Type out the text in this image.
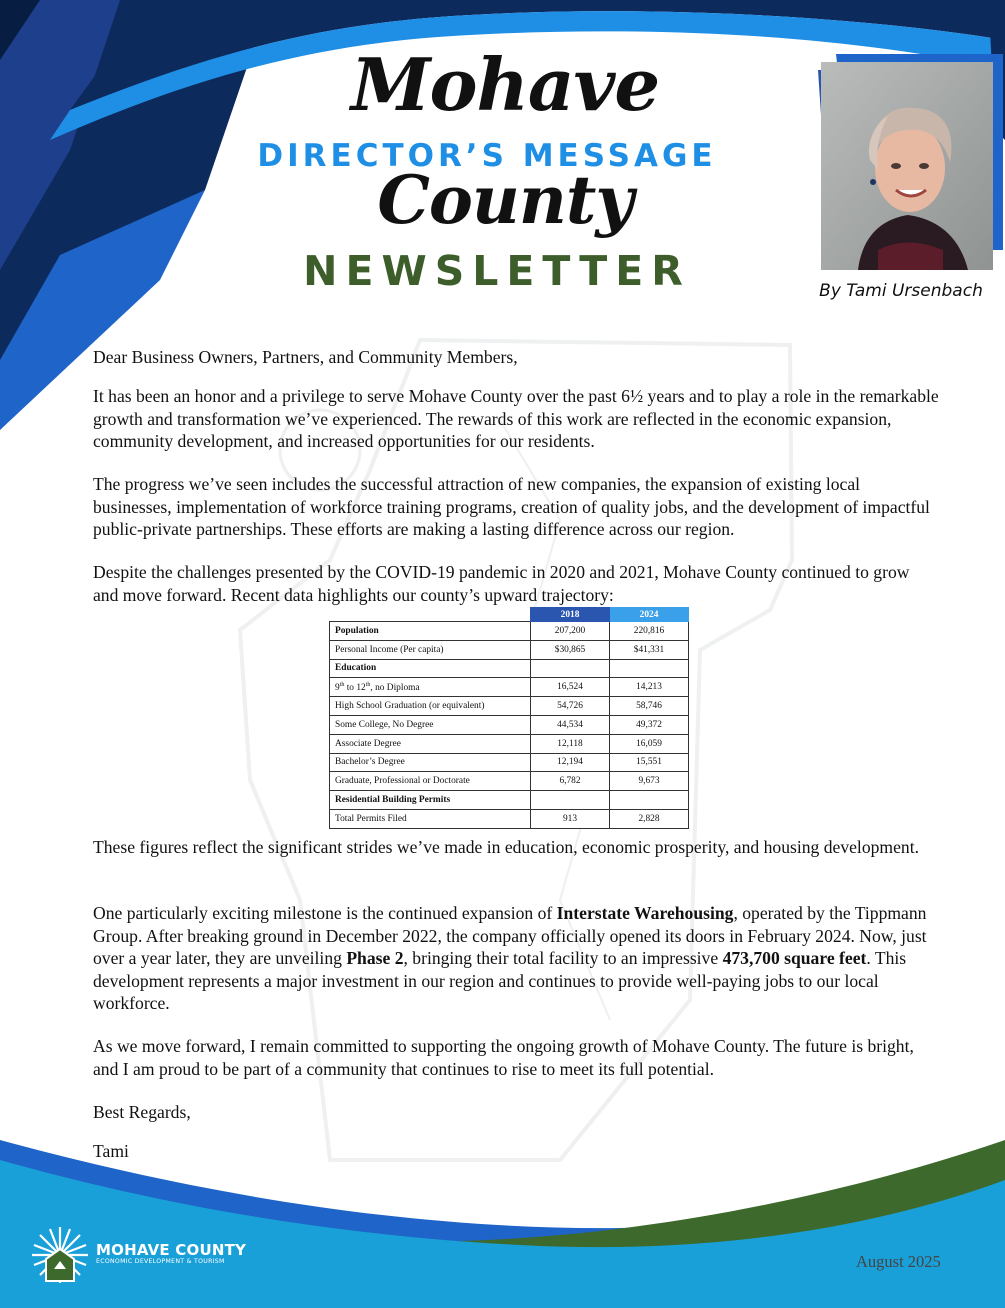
Mohave
DIRECTOR’S MESSAGE
County
NEWSLETTER	By Tami Ursenbach

Dear Business Owners, Partners, and Community Members,

It has been an honor and a privilege to serve Mohave County over the past 6½ years and to play a role in the remarkable growth and transformation we’ve experienced. The rewards of this work are reflected in the economic expansion, community development, and increased opportunities for our residents.

The progress we’ve seen includes the successful attraction of new companies, the expansion of existing local businesses, implementation of workforce training programs, creation of quality jobs, and the development of impactful public-private partnerships. These efforts are making a lasting difference across our region.

Despite the challenges presented by the COVID-19 pandemic in 2020 and 2021, Mohave County continued to grow and move forward. Recent data highlights our county’s upward trajectory:

	2018	2024
Population	207,200	220,816
Personal Income (Per capita)	$30,865	$41,331
Education		
9th to 12th, no Diploma	16,524	14,213
High School Graduation (or equivalent)	54,726	58,746
Some College, No Degree	44,534	49,372
Associate Degree	12,118	16,059
Bachelor’s Degree	12,194	15,551
Graduate, Professional or Doctorate	6,782	9,673
Residential Building Permits		
Total Permits Filed	913	2,828

These figures reflect the significant strides we’ve made in education, economic prosperity, and housing development.

One particularly exciting milestone is the continued expansion of Interstate Warehousing, operated by the Tippmann Group. After breaking ground in December 2022, the company officially opened its doors in February 2024. Now, just over a year later, they are unveiling Phase 2, bringing their total facility to an impressive 473,700 square feet. This development represents a major investment in our region and continues to provide well-paying jobs to our local workforce.

As we move forward, I remain committed to supporting the ongoing growth of Mohave County. The future is bright, and I am proud to be part of a community that continues to rise to meet its full potential.

Best Regards,

Tami

MOHAVE COUNTY
ECONOMIC DEVELOPMENT & TOURISM	August 2025
